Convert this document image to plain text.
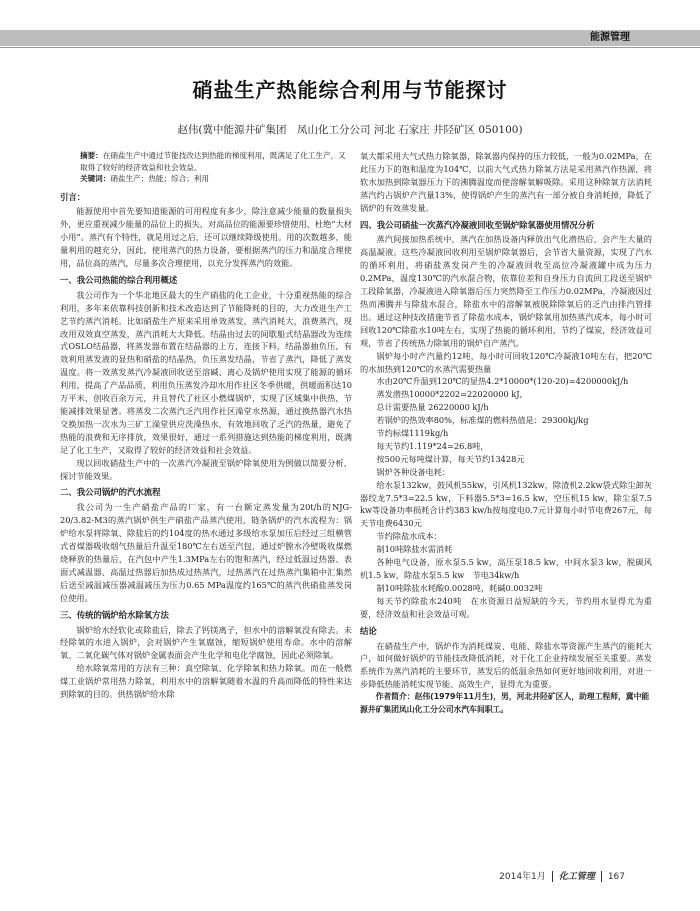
能源管理
硝盐生产热能综合利用与节能探讨
赵伟(冀中能源井矿集团　凤山化工分公司 河北 石家庄 井陉矿区 050100)

摘要：在硝盐生产中通过节能技改达到热能的梯度利用，既满足了化工生产，又取得了较好的经济效益和社会效益。

关键词：硝盐生产；热能；综合；利用

引言：

能源使用中首先要知道能源的可用程度有多少，除注意减少能量的数量损失外，更应重视减少能量的品位上的损失，对高品位的能源要珍惜使用，杜绝“大材小用”。蒸汽有个特性，就是用过之后，还可以继续降级使用。用的次数越多，能量利用的越充分，因此，使用蒸汽的热力设备，要根据蒸汽的压力和温度合理使用，品位高的蒸汽，尽量多次合理使用，以充分发挥蒸汽的效能。

一、我公司热能的综合利用概述

我公司作为一个华北地区最大的生产硝盐的化工企业，十分重视热能的综合利用，多年来依靠科技创新和技术改造达到了节能降耗的目的，大力改进生产工艺节约蒸汽消耗。比如硝盐生产原来采用单效蒸发，蒸汽消耗大，浪费蒸汽，现改用双效真空蒸发，蒸汽消耗大大降低。结晶由过去的间歇船式结晶器改为连续式OSLO结晶器，将蒸发器布置在结晶器的上方，连接下料，结晶器抽负压，有效利用蒸发液的显热和硝盐的结晶热，负压蒸发结晶，节省了蒸汽，降低了蒸发温度。将一效蒸发蒸汽冷凝液回收送至溶碱、离心及锅炉使用实现了能源的循环利用，提高了产品品质，利用负压蒸发冷却水用作社区冬季供暖，供暖面积达10万平米，创收百余万元，并且替代了社区小燃煤锅炉，实现了区域集中供热，节能减排效果显著。将蒸发二次蒸汽乏汽用作社区澡堂水热源，通过换热器汽水热交换加热一次水为三矿工澡堂供应洗澡热水，有效地回收了乏汽的热量，避免了热能的浪费和无序排放，效果很好，通过一系列措施达到热能的梯度利用，既满足了化工生产，又取得了较好的经济效益和社会效益。

现以回收硝盐生产中的一次蒸汽冷凝液至锅炉除氧使用为例做以简要分析，探讨节能效果。

二、我公司锅炉的汽水流程

我公司为一生产硝盐产品的厂家，有一台额定蒸发量为20t/h的NJG-20/3.82-M3的蒸汽锅炉供生产硝盐产品蒸汽使用，链条锅炉的汽水流程为：锅炉给水泵将除氧、除盐后的约104度的热水通过多级给水泵加压后经过三组横管式省煤器吸收烟气热量后升温至180℃左右送至汽包，通过炉膛水冷壁吸收煤燃烧释放的热量后，在汽包中产生1.3MPa左右的饱和蒸汽，经过低温过热器、表面式减温器、高温过热器后加热成过热蒸汽，过热蒸汽在过热蒸汽集箱中汇集然后送至减温减压器减温减压为压力0.65 MPa温度约165℃的蒸汽供硝盐蒸发岗位使用。

三、传统的锅炉给水除氧方法

锅炉给水经软化或除盐后，除去了钙镁离子，但水中的溶解氧没有除去。未经除氧的水进入锅炉，会对锅炉产生氧腐蚀，缩短锅炉使用寿命。水中的溶解氧、二氧化碳气体对锅炉金属表面会产生化学和电化学腐蚀，因此必须除氧。

给水除氧常用的方法有三种：真空除氧、化学除氧和热力除氧。而在一般燃煤工业锅炉常用热力除氧，利用水中的溶解氧随着水温的升高而降低的特性来达到除氧的目的。供热锅炉给水除

氧大都采用大气式热力除氧器，除氧器内保持的压力较低，一般为0.02MPa，在此压力下的饱和温度为104℃，以前大气式热力除氧方法是采用蒸汽作热源，将软水加热到除氧器压力下的沸腾温度而使溶解氧解吸除。采用这种除氧方法消耗蒸汽约占锅炉产汽量13%，使得锅炉产生的蒸汽有一部分被自身消耗掉，降低了锅炉的有效蒸发量。

四、我公司硝盐一次蒸汽冷凝液回收至锅炉除氧器使用情况分析

蒸汽间接加热系统中，蒸汽在加热设备内释放出气化潜热后，会产生大量的高温凝液。这些冷凝液回收利用至锅炉除氧器后，会节省大量资源，实现了汽水的循环利用，将硝盐蒸发岗产生的冷凝液回收至高位冷凝液罐中成为压力0.2MPa，温度130℃的汽水混合物，依靠位差和自身压力自流回工段送至锅炉工段除氧器，冷凝液进入除氧器后压力突然降至工作压力0.02MPa，冷凝液因过热而沸腾并与除盐水混合，除盐水中的溶解氧被脱除除氧后的乏汽由排汽管排出。通过这种技改措施节省了除盐水成本，锅炉除氧用加热蒸汽成本，每小时可回收120℃除盐水10吨左右，实现了热能的循环利用，节约了煤炭，经济效益可观，节省了传统热力除氧用的锅炉自产蒸汽。

锅炉每小时产汽量约12吨，每小时可回收120℃冷凝液10吨左右，把20℃的水加热到120℃的水蒸汽需要热量

水由20℃升温到120℃的显热4.2*10000*(120-20)=4200000kJ/h

蒸发潜热10000*2202=22020000 kJ，

总计需要热量 26220000 kJ/h

若锅炉的热效率80%，标准煤的燃料热值是：29300kj/kg

节约标煤1119kg/h

每天节约1.119*24=26.8吨，

按500元每吨煤计算，每天节约13428元

锅炉各种设备电耗：

给水泵132kw，鼓风机55kw，引风机132kw，除渣机2.2kw袋式除尘卸灰器绞龙7.5*3=22.5 kw，下料器5.5*3=16.5 kw，空压机15 kw，除尘泵7.5 kw等设备功率损耗合计约383 kw/h按每度电0.7元计算每小时节电费267元，每天节电费6430元

节约除盐水成本：

制10吨除盐水需消耗

各种电气设备，原水泵5.5 kw，高压泵18.5 kw，中间水泵3 kw，脱碳风机1.5 kw，除盐水泵5.5 kw　节电34kw/h

制10吨除盐水耗酸0.0028吨，耗碱0.0032吨

每天节约除盐水240吨　在水资源日益短缺的今天，节约用水显得尤为重要，经济效益和社会效益可观。

结论

在硝盐生产中，锅炉作为消耗煤炭、电能、除盐水等资源产生蒸汽的能耗大户，如何做好锅炉的节能技改降低消耗，对于化工企业持续发展至关重要。蒸发系统作为蒸汽消耗的主要环节，蒸发后的低温余热如何更好地回收利用，对进一步降低热能消耗实现节能、高效生产，显得尤为重要。

作者简介：赵伟(1979年11月生)，男，河北井陉矿区人，助理工程师，冀中能源井矿集团凤山化工分公司水汽车间职工。

2014年1月 化工管理 167
